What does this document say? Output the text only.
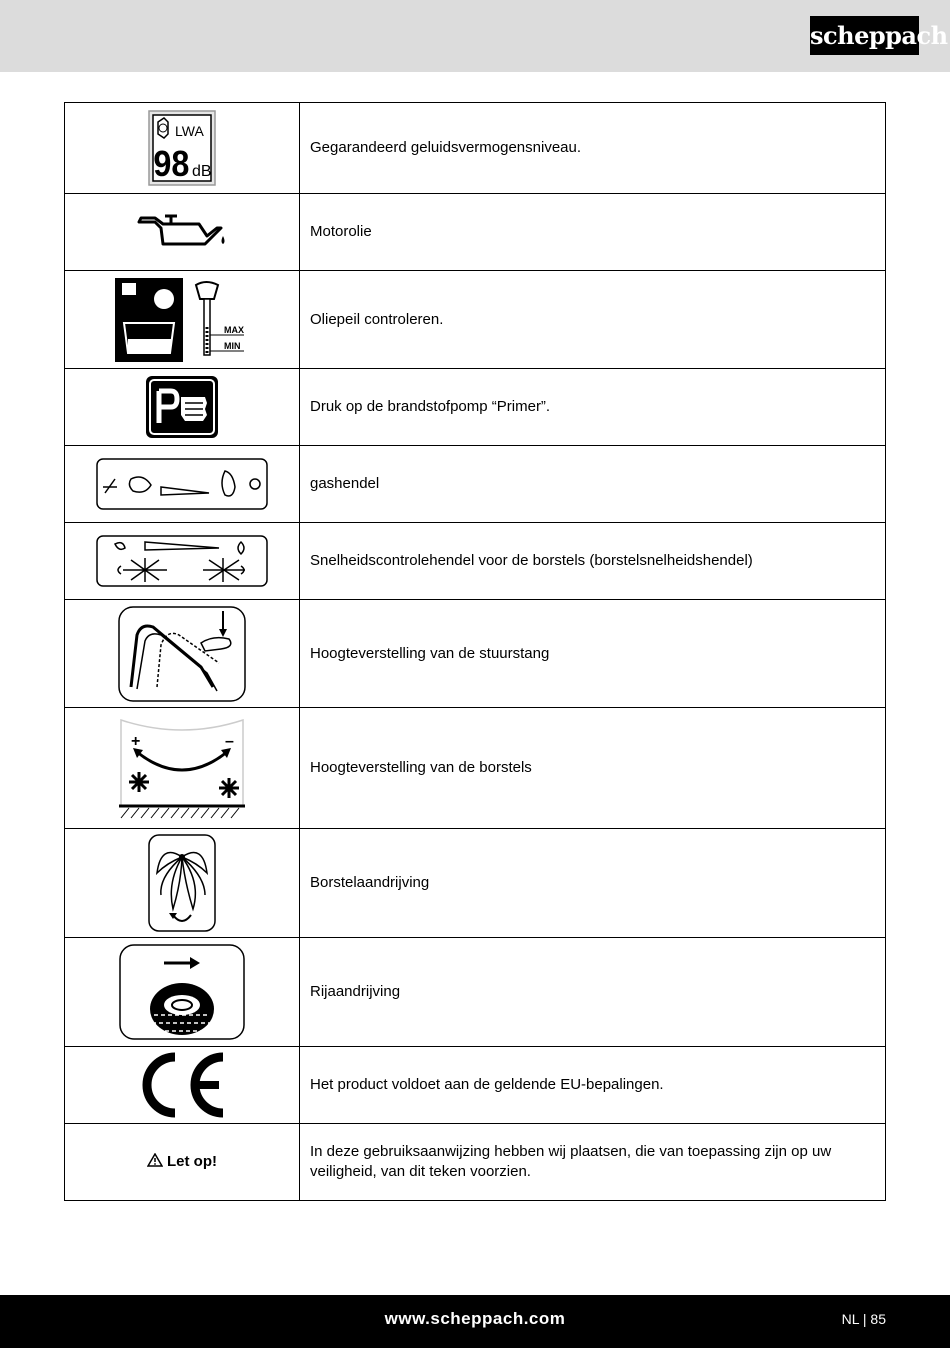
scheppach
LWA
98 dB	Gegarandeerd geluidsvermogensniveau.

	Motorolie

MAX
MIN	Oliepeil controleren.

	Druk op de brandstofpomp “Primer”.

	gashendel

	Snelheidscontrolehendel voor de borstels (borstelsnelheidshendel)

	Hoogteverstelling van de stuurstang

+ –	Hoogteverstelling van de borstels

	Borstelaandrijving

	Rijaandrijving

	Het product voldoet aan de geldende EU-bepalingen.
Let op!	In deze gebruiksaanwijzing hebben wij plaatsen, die van toepassing zijn op uw veiligheid, van dit teken voorzien.
www.scheppach.com	NL | 85
